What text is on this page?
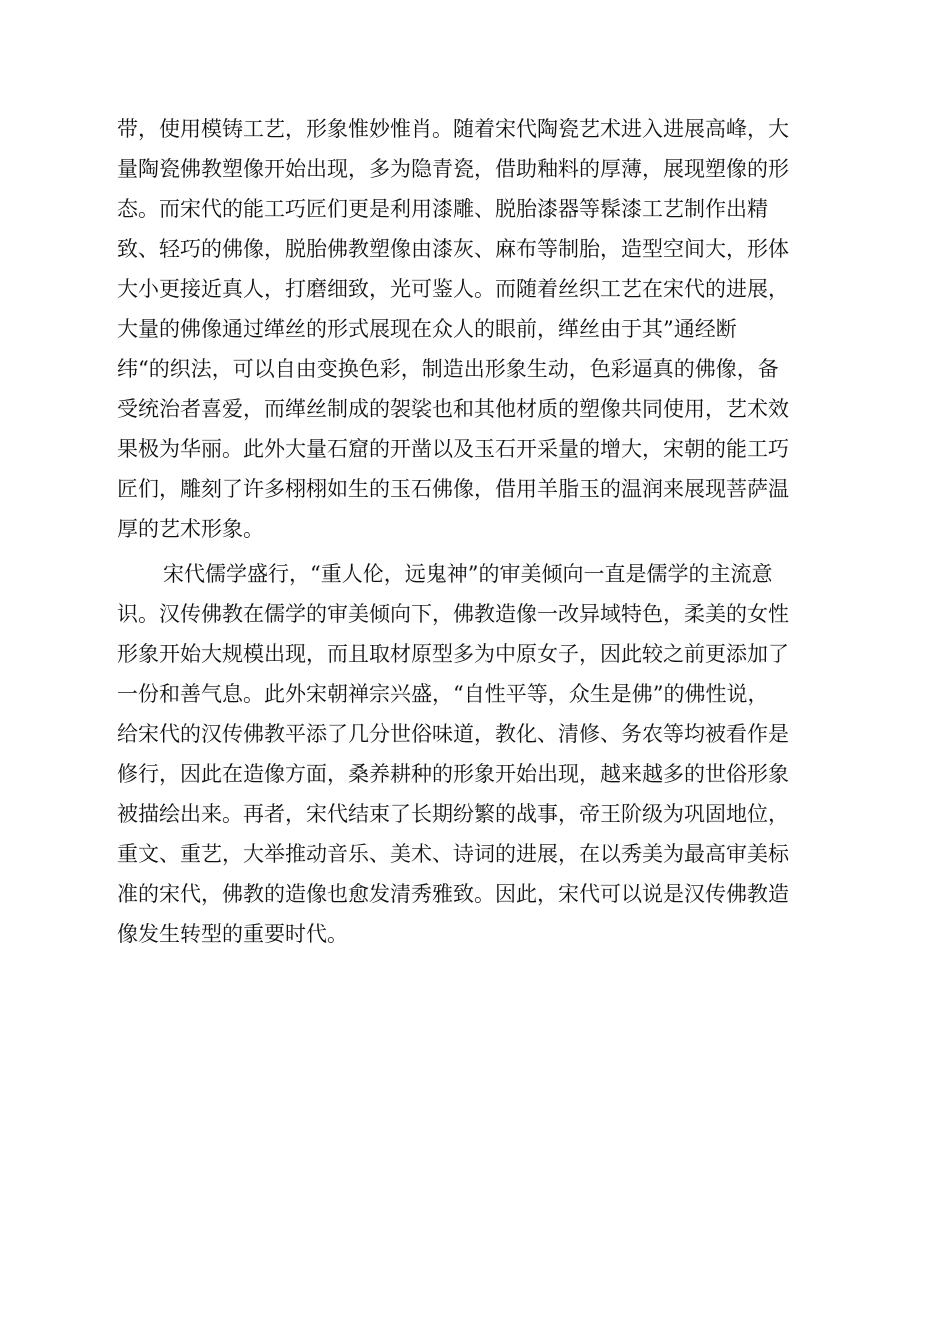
带，使用模铸工艺，形象惟妙惟肖。随着宋代陶瓷艺术进入进展高峰，大
量陶瓷佛教塑像开始出现，多为隐青瓷，借助釉料的厚薄，展现塑像的形
态。而宋代的能工巧匠们更是利用漆雕、脱胎漆器等髹漆工艺制作出精
致、轻巧的佛像，脱胎佛教塑像由漆灰、麻布等制胎，造型空间大，形体
大小更接近真人，打磨细致，光可鉴人。而随着丝织工艺在宋代的进展，
大量的佛像通过缂丝的形式展现在众人的眼前，缂丝由于其”通经断
纬“的织法，可以自由变换色彩，制造出形象生动，色彩逼真的佛像，备
受统治者喜爱，而缂丝制成的袈裟也和其他材质的塑像共同使用，艺术效
果极为华丽。此外大量石窟的开凿以及玉石开采量的增大，宋朝的能工巧
匠们，雕刻了许多栩栩如生的玉石佛像，借用羊脂玉的温润来展现菩萨温
厚的艺术形象。
宋代儒学盛行，“重人伦，远鬼神”的审美倾向一直是儒学的主流意
识。汉传佛教在儒学的审美倾向下，佛教造像一改异域特色，柔美的女性
形象开始大规模出现，而且取材原型多为中原女子，因此较之前更添加了
一份和善气息。此外宋朝禅宗兴盛，“自性平等，众生是佛”的佛性说，
给宋代的汉传佛教平添了几分世俗味道，教化、清修、务农等均被看作是
修行，因此在造像方面，桑养耕种的形象开始出现，越来越多的世俗形象
被描绘出来。再者，宋代结束了长期纷繁的战事，帝王阶级为巩固地位，
重文、重艺，大举推动音乐、美术、诗词的进展，在以秀美为最高审美标
准的宋代，佛教的造像也愈发清秀雅致。因此，宋代可以说是汉传佛教造
像发生转型的重要时代。
